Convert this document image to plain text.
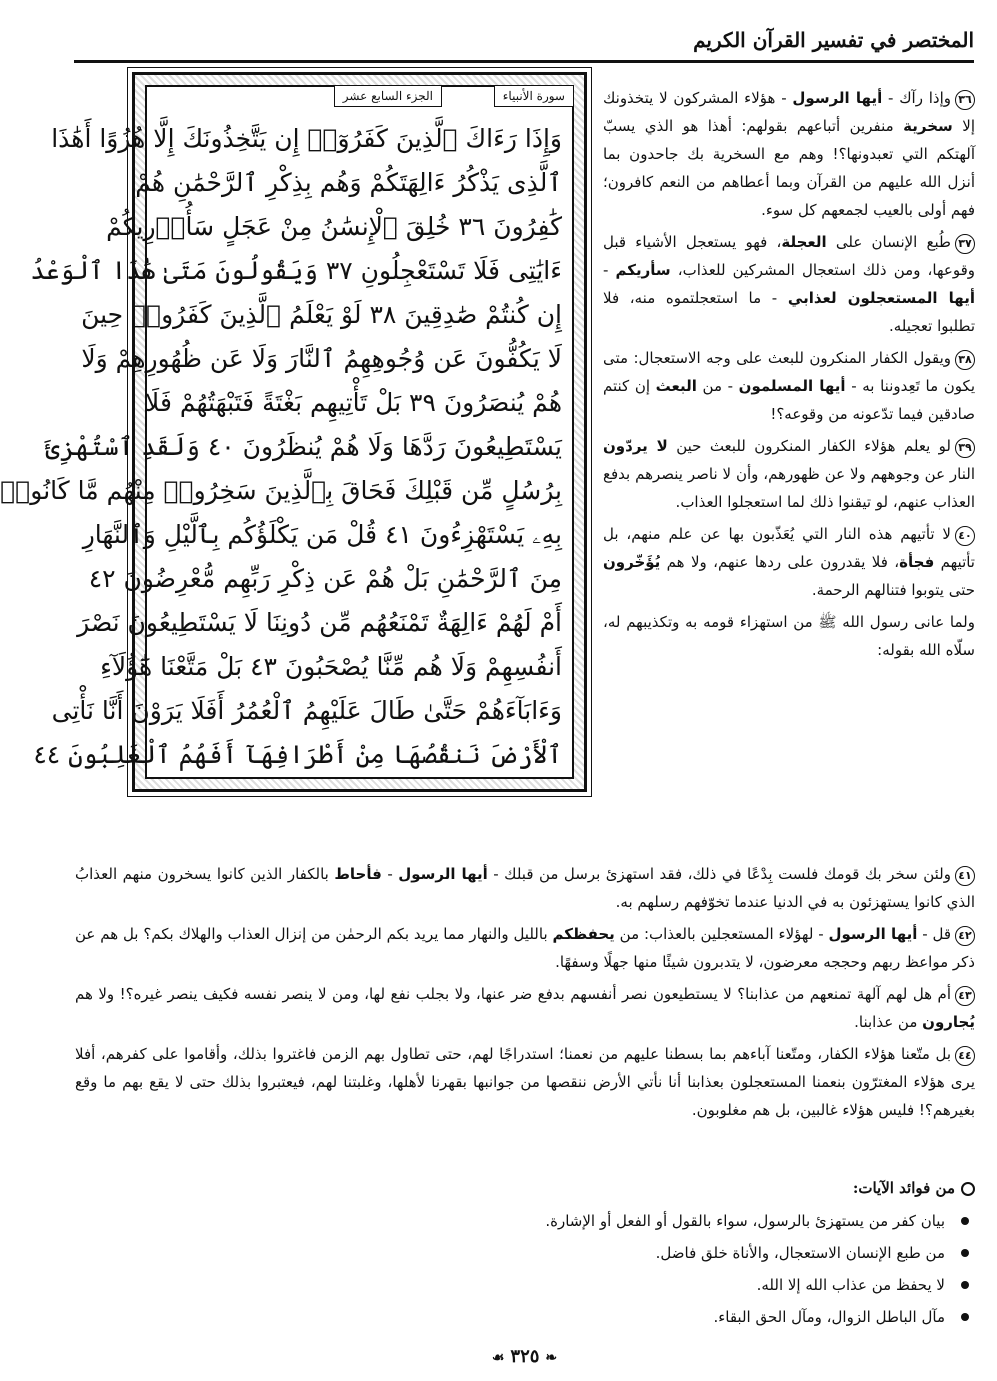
المختصر في تفسير القرآن الكريم
سورة الأنبياء
الجزء السابع عشر
وَإِذَا رَءَاكَ ٱلَّذِينَ كَفَرُوٓا۟ إِن يَتَّخِذُونَكَ إِلَّا هُزُوًا أَهَٰذَا
ٱلَّذِى يَذْكُرُ ءَالِهَتَكُمْ وَهُم بِذِكْرِ ٱلرَّحْمَٰنِ هُمْ
كَٰفِرُونَ ٣٦ خُلِقَ ٱلْإِنسَٰنُ مِنْ عَجَلٍ سَأُو۟رِيكُمْ
ءَايَٰتِى فَلَا تَسْتَعْجِلُونِ ٣٧ وَيَقُولُونَ مَتَىٰ هَٰذَا ٱلْوَعْدُ
إِن كُنتُمْ صَٰدِقِينَ ٣٨ لَوْ يَعْلَمُ ٱلَّذِينَ كَفَرُوا۟ حِينَ
لَا يَكُفُّونَ عَن وُجُوهِهِمُ ٱلنَّارَ وَلَا عَن ظُهُورِهِمْ وَلَا
هُمْ يُنصَرُونَ ٣٩ بَلْ تَأْتِيهِم بَغْتَةً فَتَبْهَتُهُمْ فَلَا
يَسْتَطِيعُونَ رَدَّهَا وَلَا هُمْ يُنظَرُونَ ٤٠ وَلَقَدِ ٱسْتُهْزِئَ
بِرُسُلٍ مِّن قَبْلِكَ فَحَاقَ بِٱلَّذِينَ سَخِرُوا۟ مِنْهُم مَّا كَانُوا۟
بِهِۦ يَسْتَهْزِءُونَ ٤١ قُلْ مَن يَكْلَؤُكُم بِٱلَّيْلِ وَٱلنَّهَارِ
مِنَ ٱلرَّحْمَٰنِ بَلْ هُمْ عَن ذِكْرِ رَبِّهِم مُّعْرِضُونَ ٤٢
أَمْ لَهُمْ ءَالِهَةٌ تَمْنَعُهُم مِّن دُونِنَا لَا يَسْتَطِيعُونَ نَصْرَ
أَنفُسِهِمْ وَلَا هُم مِّنَّا يُصْحَبُونَ ٤٣ بَلْ مَتَّعْنَا هَٰٓؤُلَآءِ
وَءَابَآءَهُمْ حَتَّىٰ طَالَ عَلَيْهِمُ ٱلْعُمُرُ أَفَلَا يَرَوْنَ أَنَّا نَأْتِى
ٱلْأَرْضَ نَنقُصُهَا مِنْ أَطْرَافِهَآ أَفَهُمُ ٱلْغَٰلِبُونَ ٤٤

٣٦وإذا رآك - أيها الرسول - هؤلاء المشركون لا يتخذونك إلا سخرية منفرين أتباعهم بقولهم: أهذا هو الذي يسبّ آلهتكم التي تعبدونها؟! وهم مع السخرية بك جاحدون بما أنزل الله عليهم من القرآن وبما أعطاهم من النعم كافرون؛ فهم أولى بالعيب لجمعهم كل سوء.

٣٧طُبع الإنسان على العجلة، فهو يستعجل الأشياء قبل وقوعها، ومن ذلك استعجال المشركين للعذاب، سأريكم - أيها المستعجلون لعذابي - ما استعجلتموه منه، فلا تطلبوا تعجيله.

٣٨ويقول الكفار المنكرون للبعث على وجه الاستعجال: متى يكون ما تَعِدوننا به - أيها المسلمون - من البعث إن كنتم صادقين فيما تدّعونه من وقوعه؟!

٣٩لو يعلم هؤلاء الكفار المنكرون للبعث حين لا يردّون النار عن وجوههم ولا عن ظهورهم، وأن لا ناصر ينصرهم بدفع العذاب عنهم، لو تيقنوا ذلك لما استعجلوا العذاب.

٤٠لا تأتيهم هذه النار التي يُعَذّبون بها عن علم منهم، بل تأتيهم فجأة، فلا يقدرون على ردها عنهم، ولا هم يُؤَخّرون حتى يتوبوا فتنالهم الرحمة.

ولما عانى رسول الله ﷺ من استهزاء قومه به وتكذيبهم له، سلّاه الله بقوله:

٤١ولئن سخر بك قومك فلست بِدْعًا في ذلك، فقد استهزئ برسل من قبلك - أيها الرسول - فأحاط بالكفار الذين كانوا يسخرون منهم العذابُ الذي كانوا يستهزئون به في الدنيا عندما تخوّفهم رسلهم به.

٤٢قل - أيها الرسول - لهؤلاء المستعجلين بالعذاب: من يحفظكم بالليل والنهار مما يريد بكم الرحمٰن من إنزال العذاب والهلاك بكم؟ بل هم عن ذكر مواعظ ربهم وحججه معرضون، لا يتدبرون شيئًا منها جهلًا وسفهًا.

٤٣أم هل لهم آلهة تمنعهم من عذابنا؟ لا يستطيعون نصر أنفسهم بدفع ضر عنها، ولا بجلب نفع لها، ومن لا ينصر نفسه فكيف ينصر غيره؟! ولا هم يُجارون من عذابنا.

٤٤بل متّعنا هؤلاء الكفار، ومتّعنا آباءهم بما بسطنا عليهم من نعمنا؛ استدراجًا لهم، حتى تطاول بهم الزمن فاغتروا بذلك، وأقاموا على كفرهم، أفلا يرى هؤلاء المغترّون بنعمنا المستعجلون بعذابنا أنا نأتي الأرض ننقصها من جوانبها بقهرنا لأهلها، وغلبتنا لهم، فيعتبروا بذلك حتى لا يقع بهم ما وقع بغيرهم؟! فليس هؤلاء غالبين، بل هم مغلوبون.

من فوائد الآيات:
بيان كفر من يستهزئ بالرسول، سواء بالقول أو الفعل أو الإشارة.
من طبع الإنسان الاستعجال، والأناة خلق فاضل.
لا يحفظ من عذاب الله إلا الله.
مآل الباطل الزوال، ومآل الحق البقاء.
❧٣٢٥☙
